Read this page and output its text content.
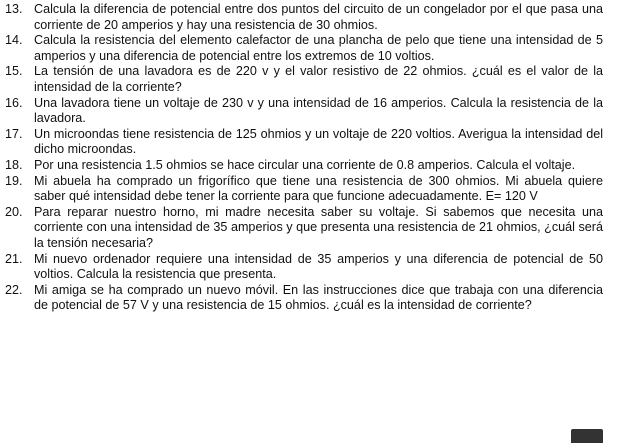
13. Calcula la diferencia de potencial entre dos puntos del circuito de un congelador por el que pasa una corriente de 20 amperios y hay una resistencia de 30 ohmios.
14. Calcula la resistencia del elemento calefactor de una plancha de pelo que tiene una intensidad de 5 amperios y una diferencia de potencial entre los extremos de 10 voltios.
15. La tensión de una lavadora es de 220 v y el valor resistivo de 22 ohmios. ¿cuál es el valor de la intensidad de la corriente?
16. Una lavadora tiene un voltaje de 230 v y una intensidad de 16 amperios. Calcula la resistencia de la lavadora.
17. Un microondas tiene resistencia de 125 ohmios y un voltaje de 220 voltios. Averigua la intensidad del dicho microondas.
18. Por una resistencia 1.5 ohmios se hace circular una corriente de 0.8 amperios. Calcula el voltaje.
19. Mi abuela ha comprado un frigorífico que tiene una resistencia de 300 ohmios. Mi abuela quiere saber qué intensidad debe tener la corriente para que funcione adecuadamente. E= 120 V
20. Para reparar nuestro horno, mi madre necesita saber su voltaje. Si sabemos que necesita una corriente con una intensidad de 35 amperios y que presenta una resistencia de 21 ohmios, ¿cuál será la tensión necesaria?
21. Mi nuevo ordenador requiere una intensidad de 35 amperios y una diferencia de potencial de 50 voltios. Calcula la resistencia que presenta.
22. Mi amiga se ha comprado un nuevo móvil. En las instrucciones dice que trabaja con una diferencia de potencial de 57 V y una resistencia de 15 ohmios. ¿cuál es la intensidad de corriente?
